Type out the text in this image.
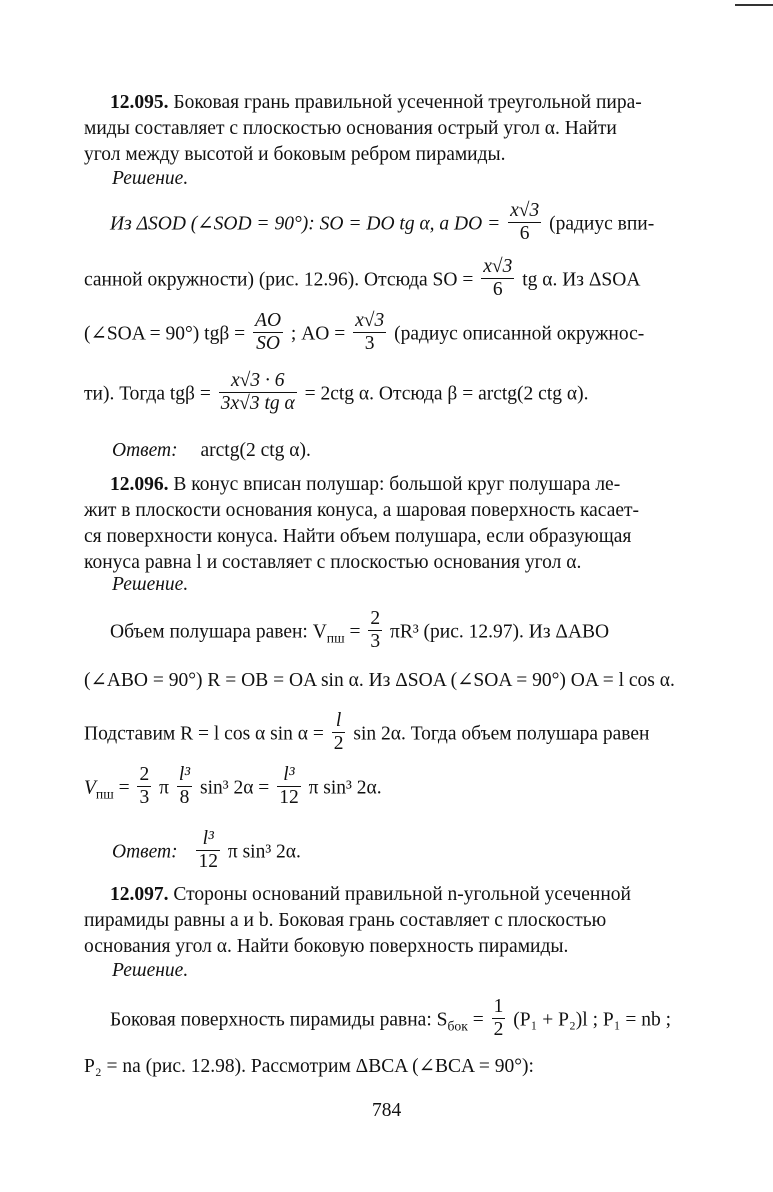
12.095. Боковая грань правильной усеченной треугольной пира-
миды составляет с плоскостью основания острый угол α. Найти
угол между высотой и боковым ребром пирамиды.
Решение.
Из ΔSOD (∠SOD = 90°): SO = DO tg α, а DO = $\frac{x√3}{6}$ (радиус впи-
санной окружности) (рис. 12.96). Отсюда SO = $\frac{x√3}{6}$ tg α. Из ΔSOA
(∠SOA = 90°) $tg\beta = \frac{AO}{SO}$ ; AO = $\frac{x√3}{3}$ (радиус описанной окружнос-
ти). Тогда $tg\beta = \frac{x√3 \cdot 6}{\text{3x√3 tg α}} = 2ctg$ α. Отсюда β = arctg(2 ctg α).
Ответ: arctg(2 ctg α).
12.096. В конус вписан полушар: большой круг полушара ле-
жит в плоскости основания конуса, а шаровая поверхность касает-
ся поверхности конуса. Найти объем полушара, если образующая
конуса равна l и составляет с плоскостью основания угол α.
Решение.
Объем полушара равен: $V_{пш} = \frac{2}{3} \pi R^3$ (рис. 12.97). Из ΔABO
(∠ABO = 90°) R = OB = OA sin α. Из ΔSOA (∠SOA = 90°) OA = l cos α.
Подставим R = l cos α $\sin \alpha = \frac{l}{2}$ sin 2α. Тогда объем полушара равен
$V_{пш} = \frac{2}{3}$ π $\frac{\text{l³}}{8} \sin^3$ $2\alpha = \frac{\text{l³}}{12}$ π sin³ 2α.
Ответ: $\frac{\text{l³}}{12}$ π sin³ 2α.
12.097. Стороны оснований правильной n-угольной усеченной
пирамиды равны a и b. Боковая грань составляет с плоскостью
основания угол α. Найти боковую поверхность пирамиды.
Решение.
Боковая поверхность пирамиды равна: $S_{бок} = \frac{1}{2} (P_1 + P_2)l$ ; P₁ = nb ;
P₂ = na (рис. 12.98). Рассмотрим ΔBCA (∠BCA = 90°):
784
